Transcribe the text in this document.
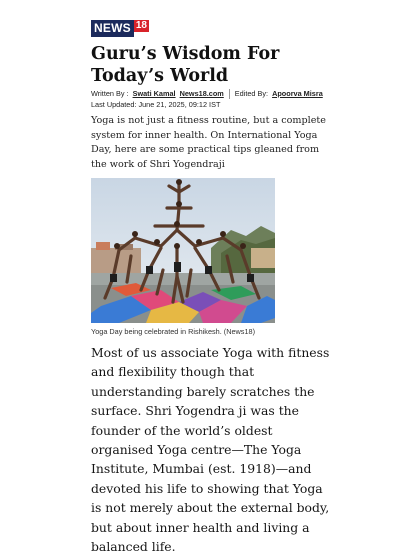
NEWS 18
Guru’s Wisdom For Today’s World
Written By : Swati Kamal News18.com Edited By: Apoorva Misra
Last Updated: June 21, 2025, 09:12 IST

Yoga is not just a fitness routine, but a complete system for inner health. On International Yoga Day, here are some practical tips gleaned from the work of Shri Yogendraji

Yoga Day being celebrated in Rishikesh. (News18)

Most of us associate Yoga with fitness and flexibility though that understanding barely scratches the surface. Shri Yogendra ji was the founder of the world’s oldest organised Yoga centre—The Yoga Institute, Mumbai (est. 1918)—and devoted his life to showing that Yoga is not merely about the external body, but about inner health and living a balanced life.
